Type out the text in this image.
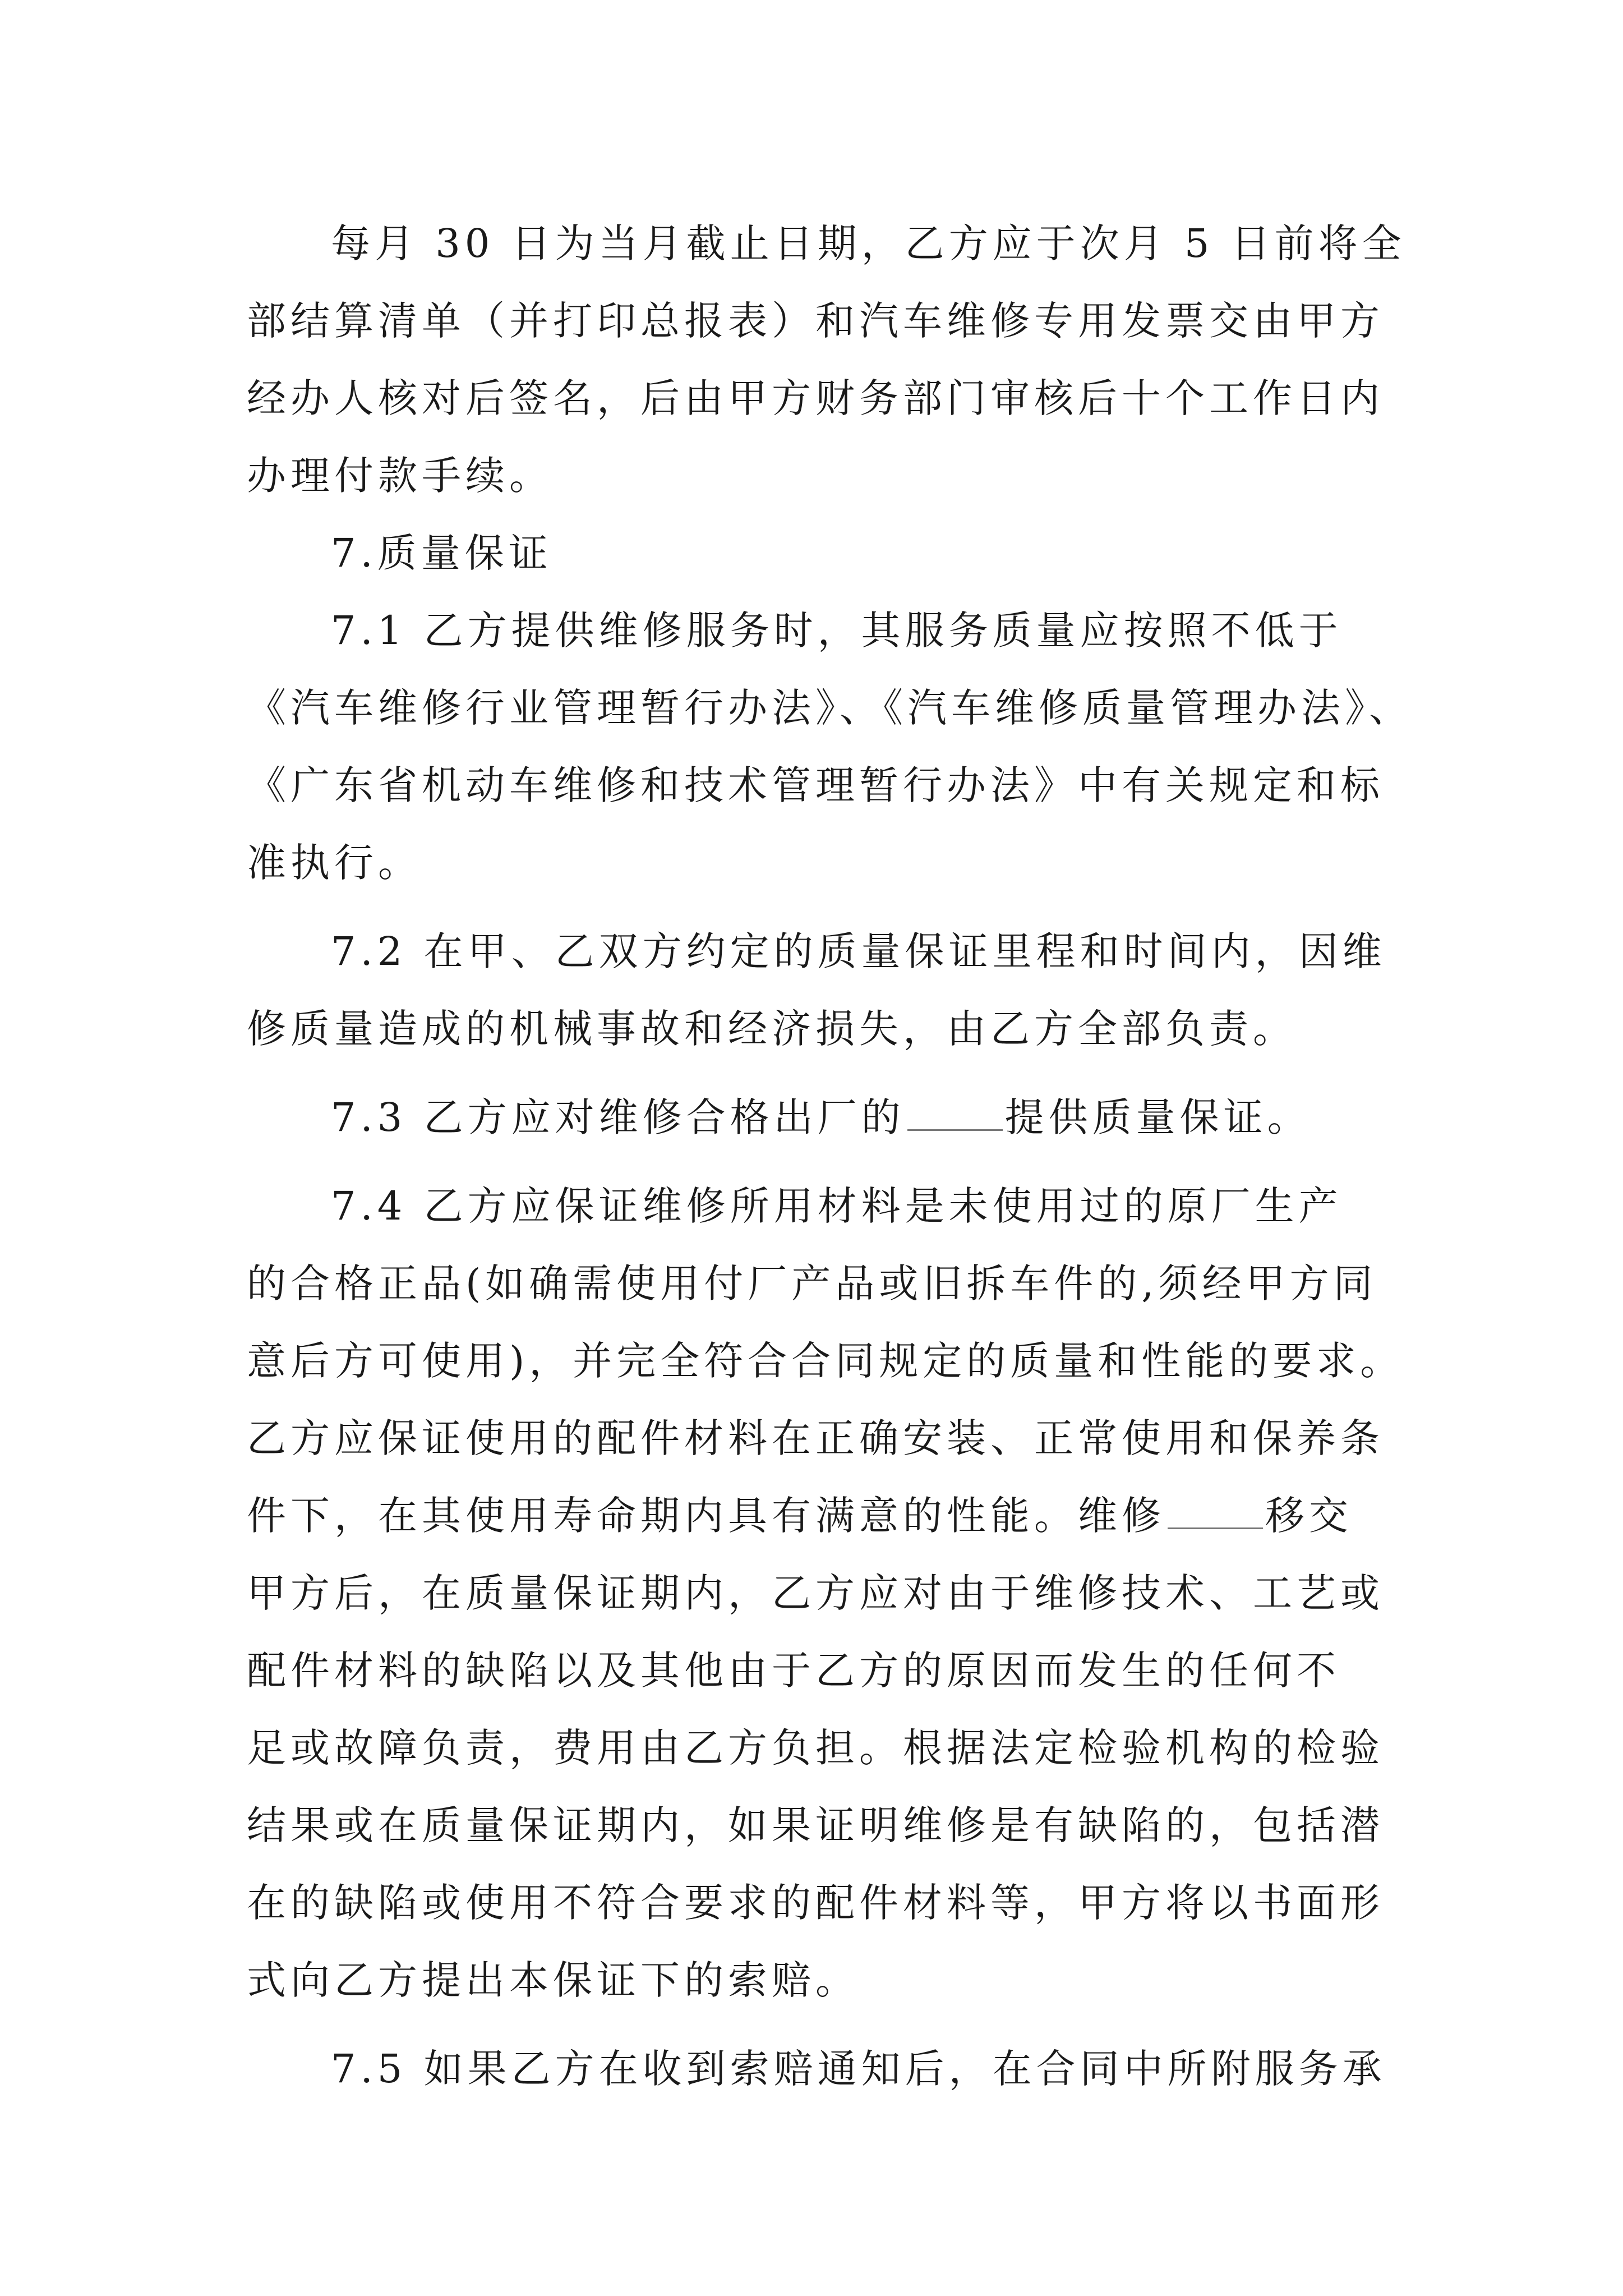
每月 30 日为当月截止日期，乙方应于次月 5 日前将全
部结算清单（并打印总报表）和汽车维修专用发票交由甲方
经办人核对后签名，后由甲方财务部门审核后十个工作日内
办理付款手续。
7.质量保证
7.1 乙方提供维修服务时，其服务质量应按照不低于
《汽车维修行业管理暂行办法》、《汽车维修质量管理办法》、
《广东省机动车维修和技术管理暂行办法》中有关规定和标
准执行。
7.2 在甲、乙双方约定的质量保证里程和时间内，因维
修质量造成的机械事故和经济损失，由乙方全部负责。
7.3 乙方应对维修合格出厂的	提供质量保证。
7.4 乙方应保证维修所用材料是未使用过的原厂生产
的合格正品(如确需使用付厂产品或旧拆车件的,须经甲方同
意后方可使用)，并完全符合合同规定的质量和性能的要求。
乙方应保证使用的配件材料在正确安装、正常使用和保养条
件下，在其使用寿命期内具有满意的性能。维修	移交
甲方后，在质量保证期内，乙方应对由于维修技术、工艺或
配件材料的缺陷以及其他由于乙方的原因而发生的任何不
足或故障负责，费用由乙方负担。根据法定检验机构的检验
结果或在质量保证期内，如果证明维修是有缺陷的，包括潜
在的缺陷或使用不符合要求的配件材料等，甲方将以书面形
式向乙方提出本保证下的索赔。
7.5 如果乙方在收到索赔通知后，在合同中所附服务承
